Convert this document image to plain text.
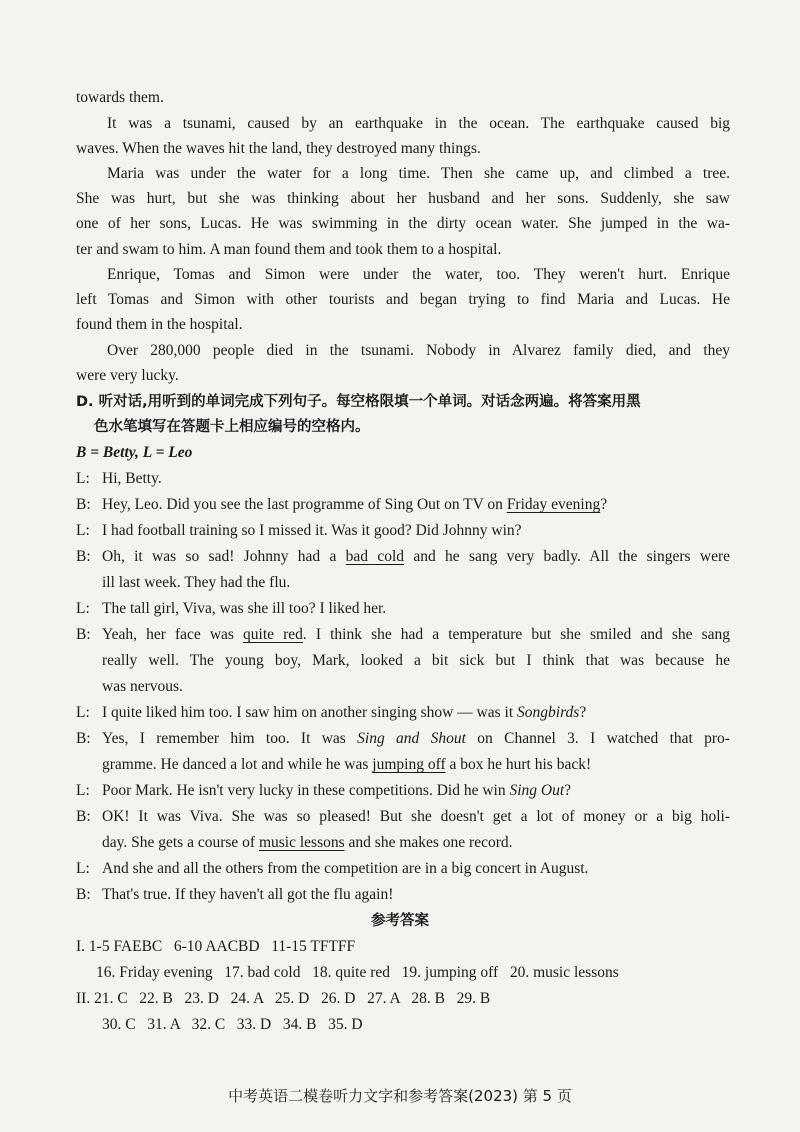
towards them.
It was a tsunami, caused by an earthquake in the ocean. The earthquake caused big
waves. When the waves hit the land, they destroyed many things.
Maria was under the water for a long time. Then she came up, and climbed a tree.
She was hurt, but she was thinking about her husband and her sons. Suddenly, she saw
one of her sons, Lucas. He was swimming in the dirty ocean water. She jumped in the wa-
ter and swam to him. A man found them and took them to a hospital.
Enrique, Tomas and Simon were under the water, too. They weren't hurt. Enrique
left Tomas and Simon with other tourists and began trying to find Maria and Lucas. He
found them in the hospital.
Over 280,000 people died in the tsunami. Nobody in Alvarez family died, and they
were very lucky.
D. 听对话,用听到的单词完成下列句子。每空格限填一个单词。对话念两遍。将答案用黑
色水笔填写在答题卡上相应编号的空格内。
B = Betty, L = Leo
L: Hi, Betty.
B: Hey, Leo. Did you see the last programme of Sing Out on TV on Friday evening?
L: I had football training so I missed it. Was it good? Did Johnny win?
B: Oh, it was so sad! Johnny had a bad cold and he sang very badly. All the singers were
ill last week. They had the flu.
L: The tall girl, Viva, was she ill too? I liked her.
B: Yeah, her face was quite red. I think she had a temperature but she smiled and she sang
really well. The young boy, Mark, looked a bit sick but I think that was because he
was nervous.
L: I quite liked him too. I saw him on another singing show — was it Songbirds?
B: Yes, I remember him too. It was Sing and Shout on Channel 3. I watched that pro-
gramme. He danced a lot and while he was jumping off a box he hurt his back!
L: Poor Mark. He isn't very lucky in these competitions. Did he win Sing Out?
B: OK! It was Viva. She was so pleased! But she doesn't get a lot of money or a big holi-
day. She gets a course of music lessons and she makes one record.
L: And she and all the others from the competition are in a big concert in August.
B: That's true. If they haven't all got the flu again!
参考答案
I. 1-5 FAEBC   6-10 AACBD   11-15 TFTFF
16. Friday evening   17. bad cold   18. quite red   19. jumping off   20. music lessons
II. 21. C   22. B   23. D   24. A   25. D   26. D   27. A   28. B   29. B
30. C   31. A   32. C   33. D   34. B   35. D
中考英语二模卷听力文字和参考答案(2023) 第 5 页
